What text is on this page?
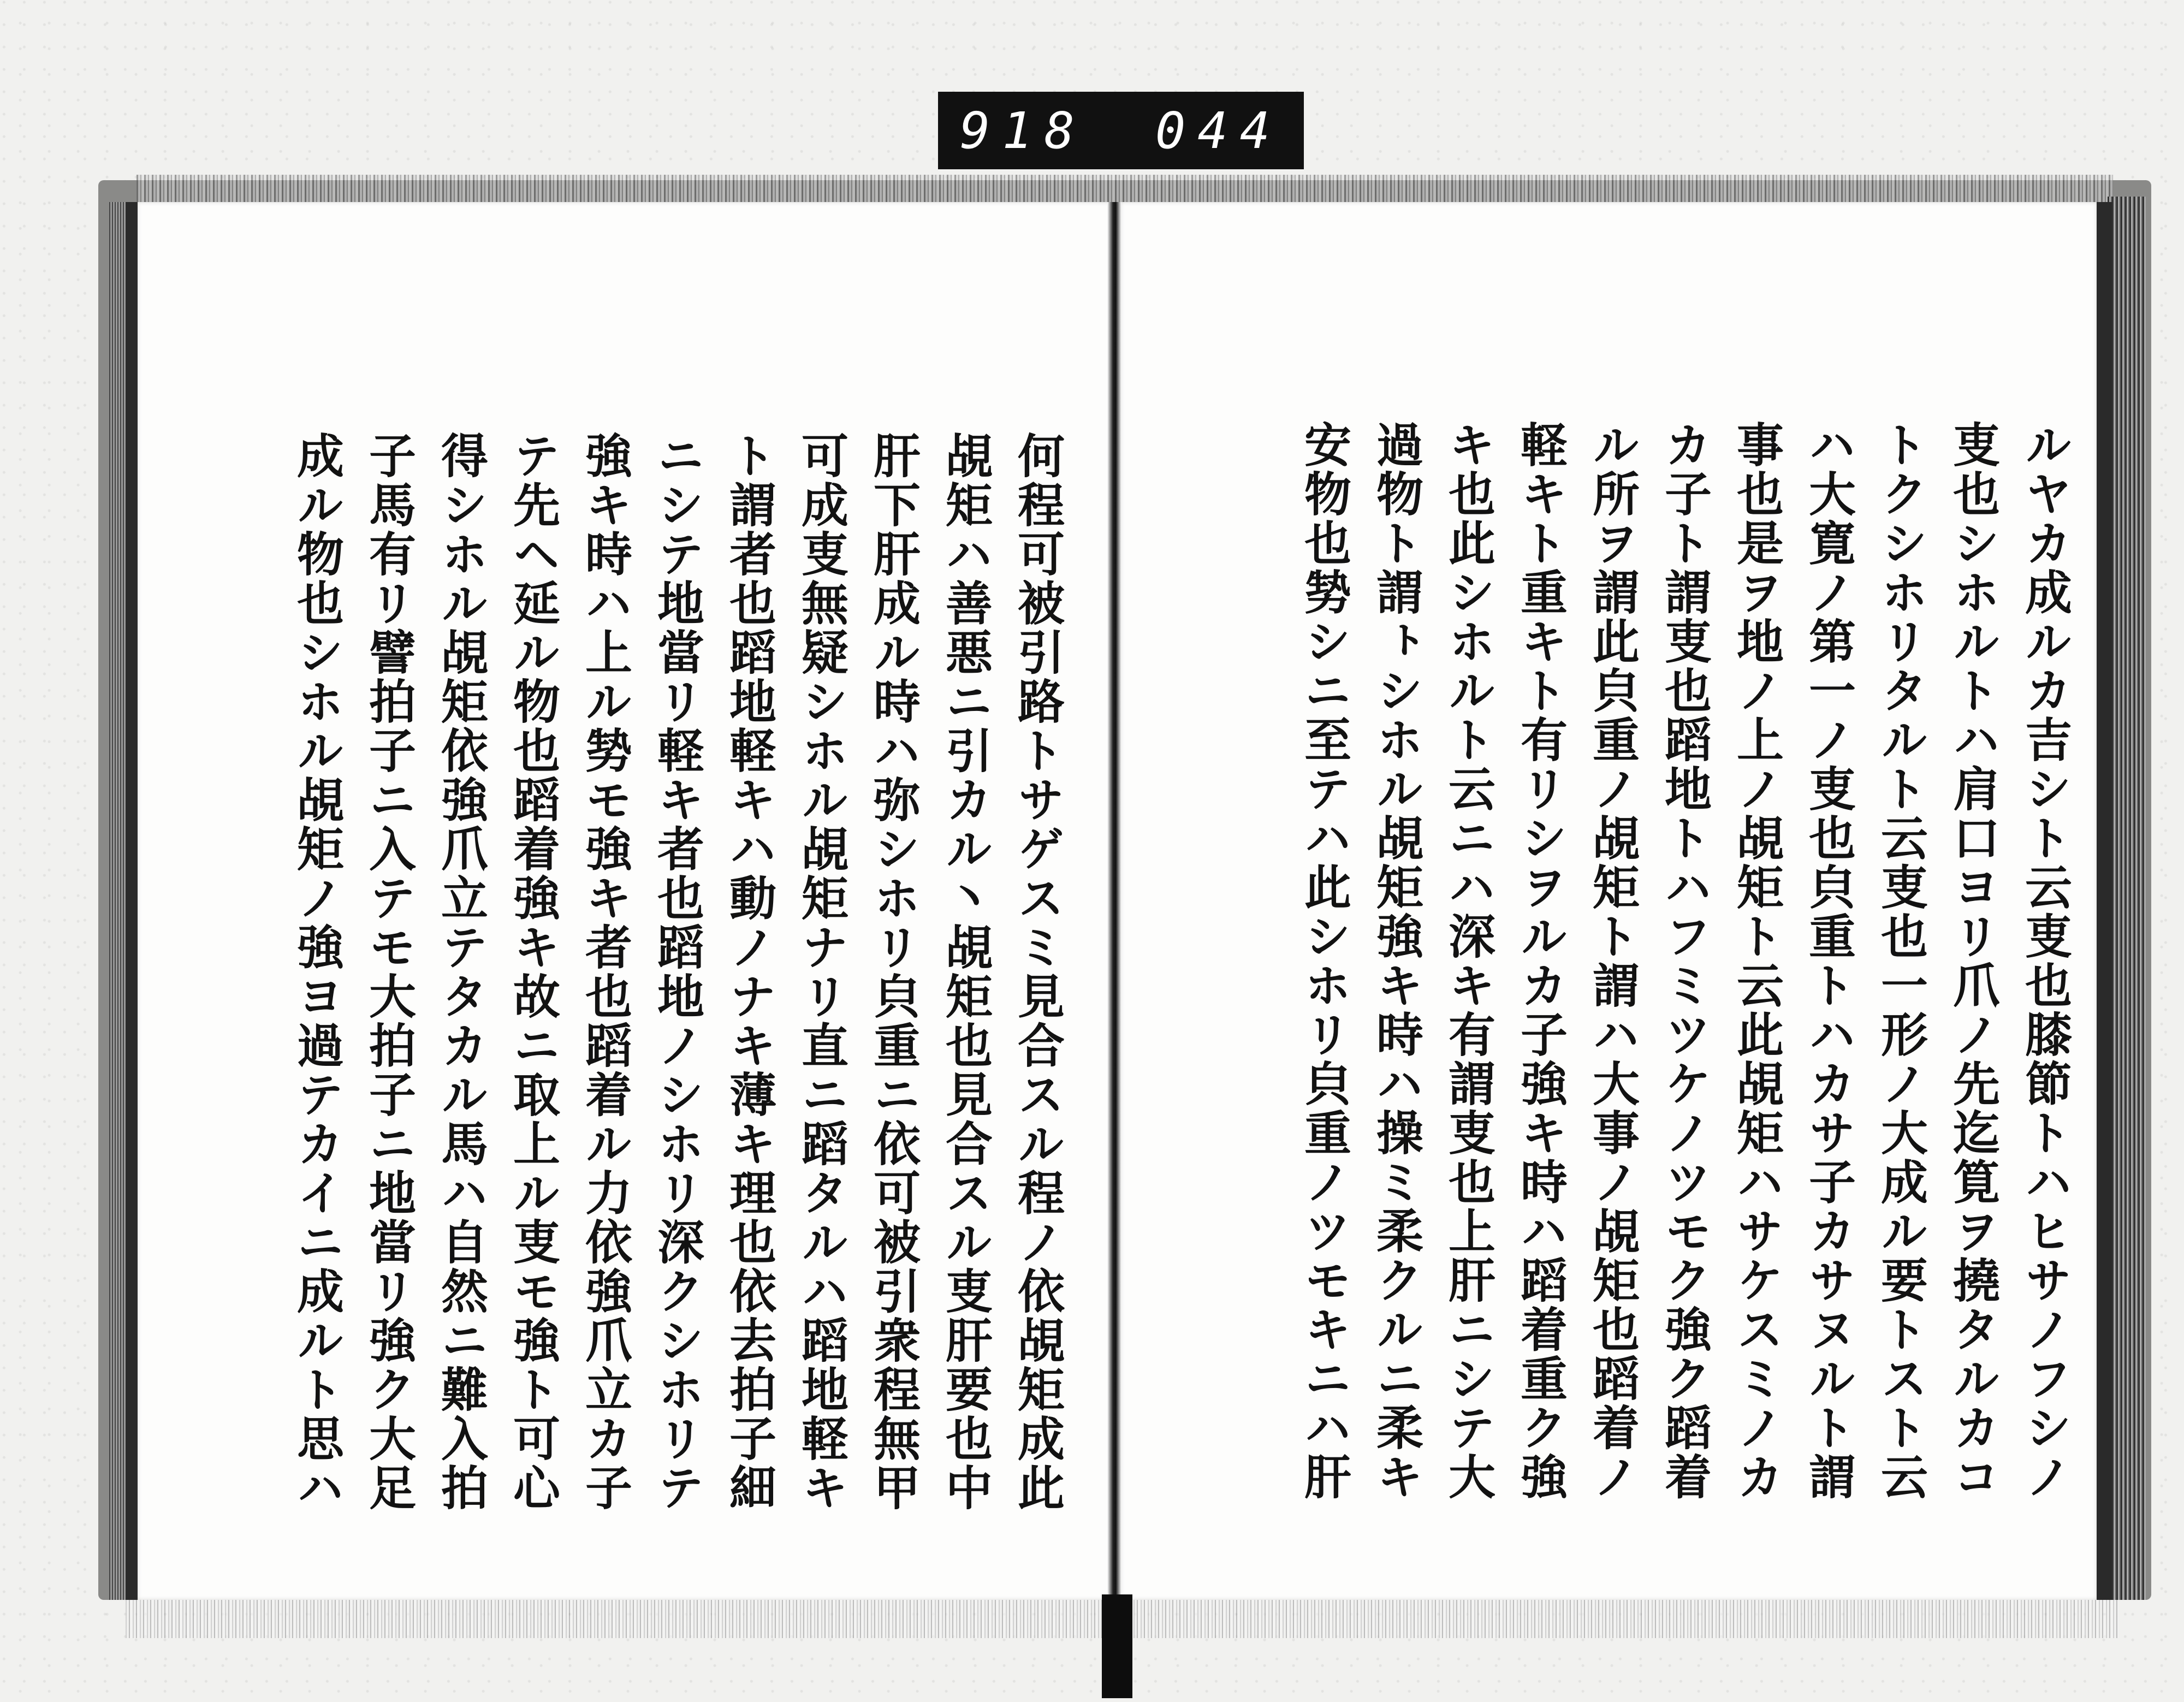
918 044
ルヤカ成ルカ吉シト云叓也膝節トハヒサノフシノ
叓也シホルトハ肩口ヨリ爪ノ先迄筧ヲ撓タルカコ
トクシホリタルト云叓也一形ノ大成ル要トスト云
ハ大寛ノ第一ノ叓也㒵重トハカサ子カサヌルト謂
事也是ヲ地ノ上ノ覘矩ト云此覘矩ハサケスミノカ
カ子ト謂叓也蹈地トハフミツケノツモク強ク蹈着
ル所ヲ謂此㒵重ノ覘矩ト謂ハ大事ノ覘矩也蹈着ノ
軽キト重キト有リシヲルカ子強キ時ハ蹈着重ク強
キ也此シホルト云ニハ深キ有謂叓也上肝ニシテ大
過物ト謂ㇳシホル覘矩強キ時ハ操ミ柔クルニ柔キ
安物也㔟シニ至テハ此シホリ㒵重ノツモキニハ肝
何程可被引路トサゲスミ見合スル程ノ依覘矩成此
覘矩ハ善悪ニ引カル丶覘矩也見合スル叓肝要也中
肝下肝成ル時ハ弥シホリ㒵重ニ依可被引衆程無甲
可成叓無疑シホル覘矩ナリ直ニ蹈タルハ蹈地軽キ
ト謂者也蹈地軽キハ動ノナキ薄キ理也依去拍子細
ニシテ地當リ軽キ者也蹈地ノシホリ深クシホリテ
強キ時ハ上ル㔟モ強キ者也蹈着ル力依強爪立カ子
テ先ヘ延ル物也蹈着強キ故ニ取上ル叓モ強ト可心
得シホル覘矩依強爪立テタカル馬ハ自然ニ難入拍
子馬有リ譬拍子ニ入テモ大拍子ニ地當リ強ク大足
成ル物也シホル覘矩ノ強ヨ過テカイニ成ルト思ハ
